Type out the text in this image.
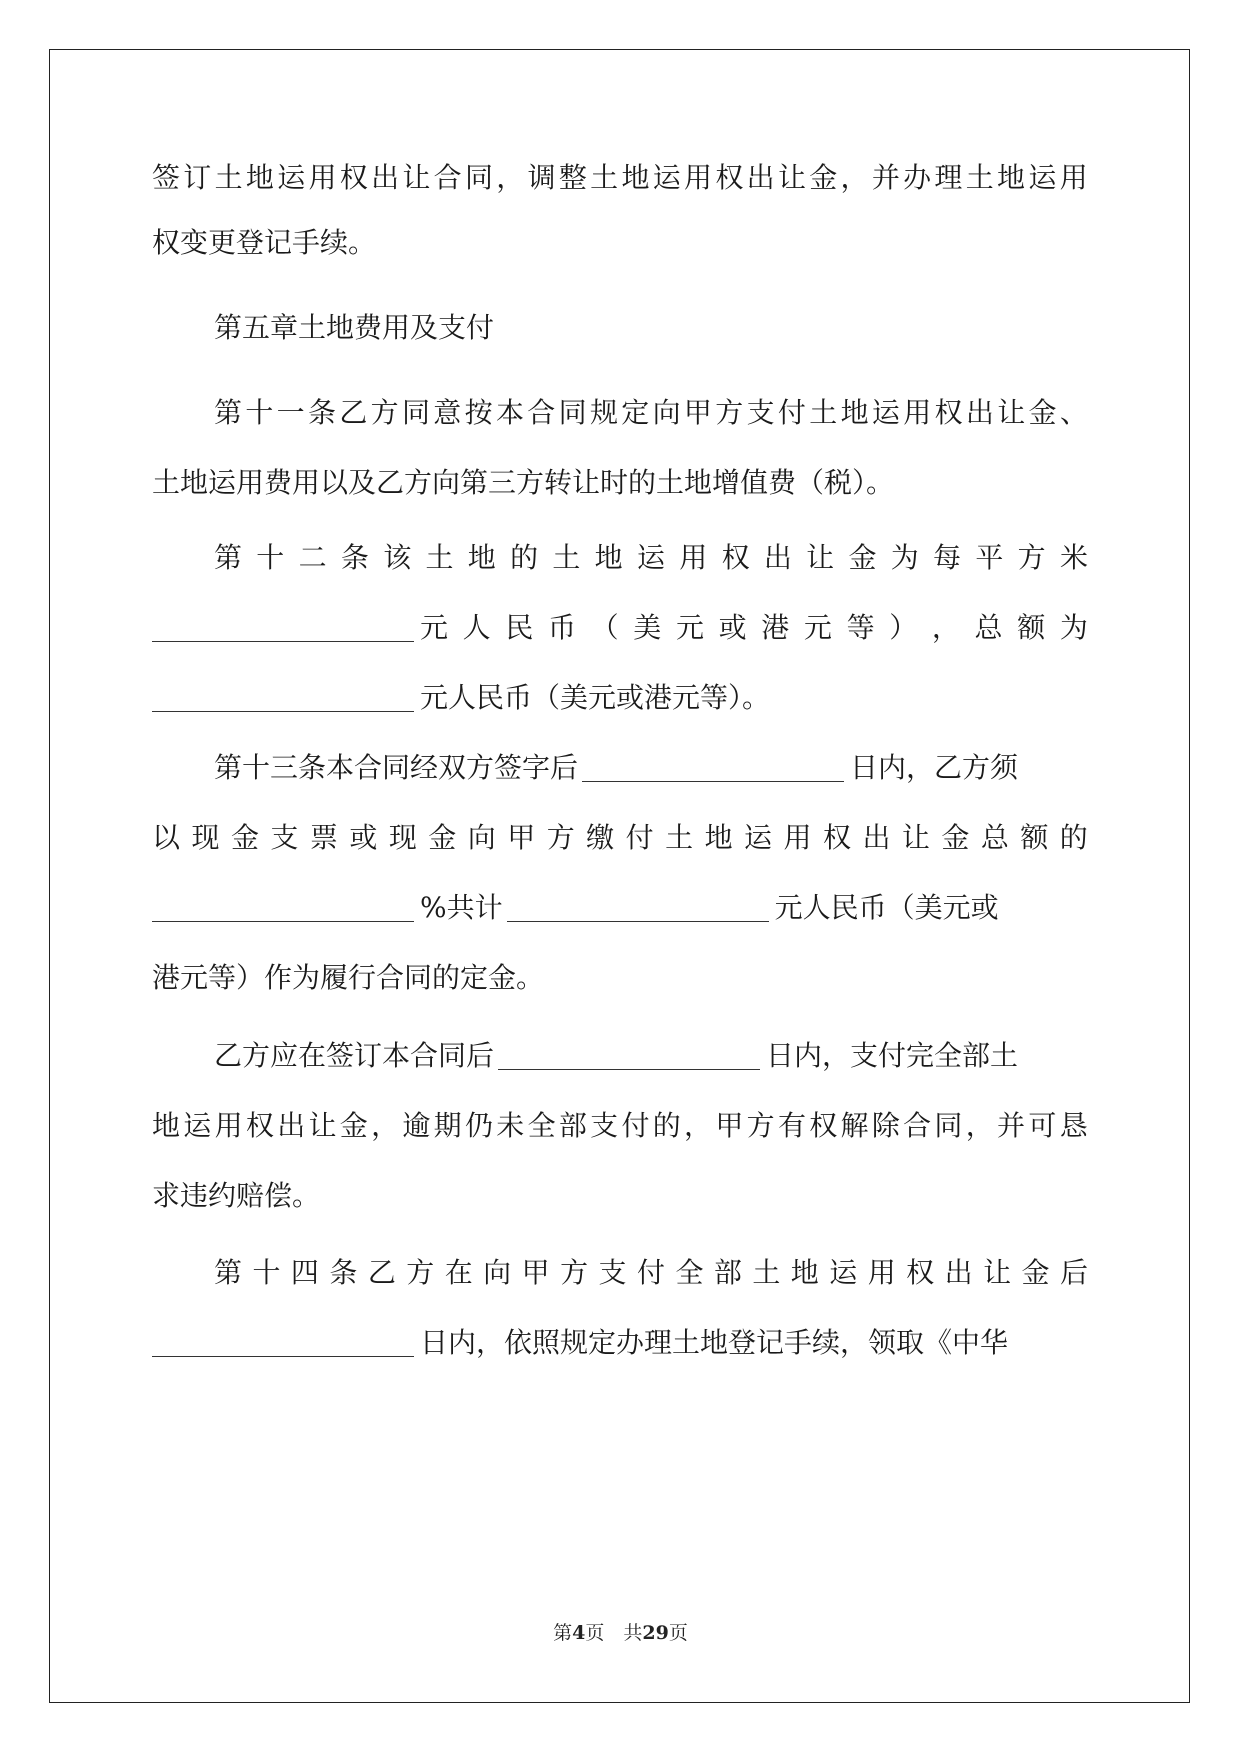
签 订 土 地 运 用 权 出 让 合 同 ， 调 整 土 地 运 用 权 出 让 金 ， 并 办 理 土 地 运 用
权变更登记手续。
第五章土地费用及支付
第 十 一 条 乙 方 同 意 按 本 合 同 规 定 向 甲 方 支 付 土 地 运 用 权 出 让 金 、
土地运用费用以及乙方向第三方转让时的土地增值费（税）。
第 十 二 条 该 土 地 的 土 地 运 用 权 出 让 金 为 每 平 方 米
元 人 民 币 （ 美 元 或 港 元 等 ） ， 总 额 为
元人民币（美元或港元等）。
第十三条本合同经双方签字后	日内，乙方须
以 现 金 支 票 或 现 金 向 甲 方 缴 付 土 地 运 用 权 出 让 金 总 额 的
%共计	元人民币（美元或
港元等）作为履行合同的定金。
乙方应在签订本合同后	日内，支付完全部土
地 运 用 权 出 让 金 ， 逾 期 仍 未 全 部 支 付 的 ， 甲 方 有 权 解 除 合 同 ， 并 可 恳
求违约赔偿。
第 十 四 条 乙 方 在 向 甲 方 支 付 全 部 土 地 运 用 权 出 让 金 后
日内，依照规定办理土地登记手续，领取《中华
第4页　共29页
